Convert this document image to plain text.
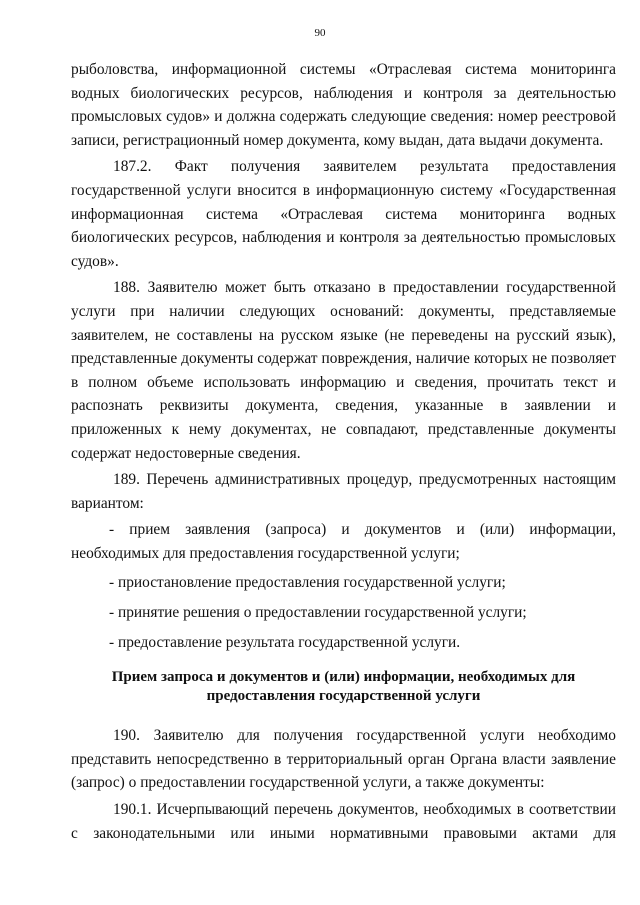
90

рыболовства, информационной системы «Отраслевая система мониторинга водных биологических ресурсов, наблюдения и контроля за деятельностью промысловых судов» и должна содержать следующие сведения: номер реестровой записи, регистрационный номер документа, кому выдан, дата выдачи документа.

187.2. Факт получения заявителем результата предоставления государственной услуги вносится в информационную систему «Государственная информационная система «Отраслевая система мониторинга водных биологических ресурсов, наблюдения и контроля за деятельностью промысловых судов».

188. Заявителю может быть отказано в предоставлении государственной услуги при наличии следующих оснований: документы, представляемые заявителем, не составлены на русском языке (не переведены на русский язык), представленные документы содержат повреждения, наличие которых не позволяет в полном объеме использовать информацию и сведения, прочитать текст и распознать реквизиты документа, сведения, указанные в заявлении и приложенных к нему документах, не совпадают, представленные документы содержат недостоверные сведения.

189. Перечень административных процедур, предусмотренных настоящим вариантом:

- прием заявления (запроса) и документов и (или) информации, необходимых для предоставления государственной услуги;

- приостановление предоставления государственной услуги;

- принятие решения о предоставлении государственной услуги;

- предоставление результата государственной услуги.

Прием запроса и документов и (или) информации, необходимых для предоставления государственной услуги

190. Заявителю для получения государственной услуги необходимо представить непосредственно в территориальный орган Органа власти заявление (запрос) о предоставлении государственной услуги, а также документы:

190.1. Исчерпывающий перечень документов, необходимых в соответствии с законодательными или иными нормативными правовыми актами для
